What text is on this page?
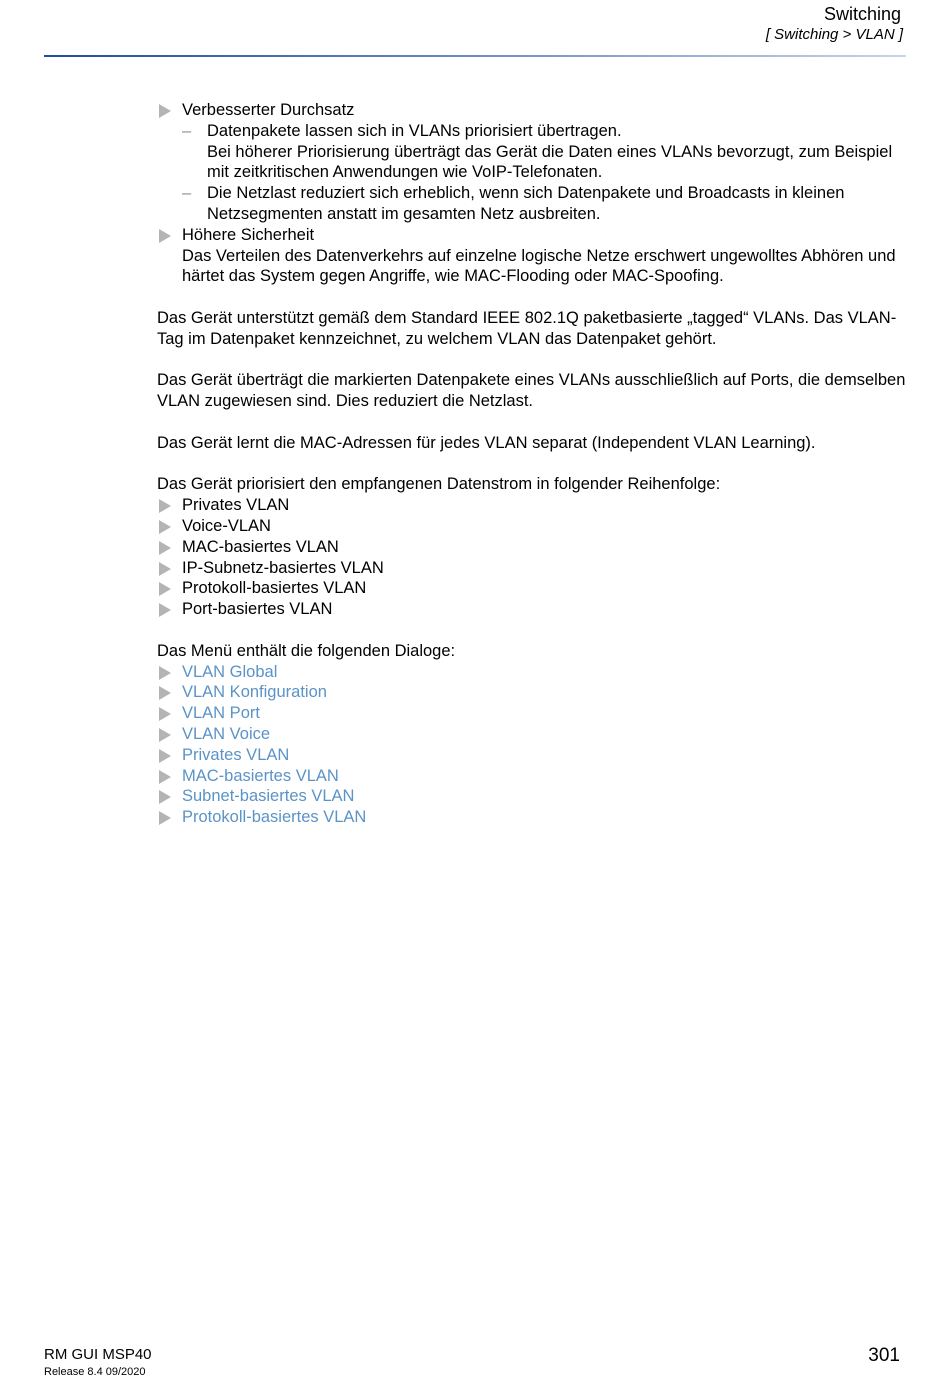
Switching
[ Switching > VLAN ]
Verbesserter Durchsatz
– Datenpakete lassen sich in VLANs priorisiert übertragen.
Bei höherer Priorisierung überträgt das Gerät die Daten eines VLANs bevorzugt, zum Beispiel mit zeitkritischen Anwendungen wie VoIP-Telefonaten.
– Die Netzlast reduziert sich erheblich, wenn sich Datenpakete und Broadcasts in kleinen Netzsegmenten anstatt im gesamten Netz ausbreiten.
Höhere Sicherheit
Das Verteilen des Datenverkehrs auf einzelne logische Netze erschwert ungewolltes Abhören und härtet das System gegen Angriffe, wie MAC-Flooding oder MAC-Spoofing.
Das Gerät unterstützt gemäß dem Standard IEEE 802.1Q paketbasierte „tagged“ VLANs. Das VLAN-Tag im Datenpaket kennzeichnet, zu welchem VLAN das Datenpaket gehört.
Das Gerät überträgt die markierten Datenpakete eines VLANs ausschließlich auf Ports, die demselben VLAN zugewiesen sind. Dies reduziert die Netzlast.
Das Gerät lernt die MAC-Adressen für jedes VLAN separat (Independent VLAN Learning).
Das Gerät priorisiert den empfangenen Datenstrom in folgender Reihenfolge:
Privates VLAN
Voice-VLAN
MAC-basiertes VLAN
IP-Subnetz-basiertes VLAN
Protokoll-basiertes VLAN
Port-basiertes VLAN
Das Menü enthält die folgenden Dialoge:
VLAN Global
VLAN Konfiguration
VLAN Port
VLAN Voice
Privates VLAN
MAC-basiertes VLAN
Subnet-basiertes VLAN
Protokoll-basiertes VLAN
RM GUI MSP40
Release 8.4 09/2020
301
